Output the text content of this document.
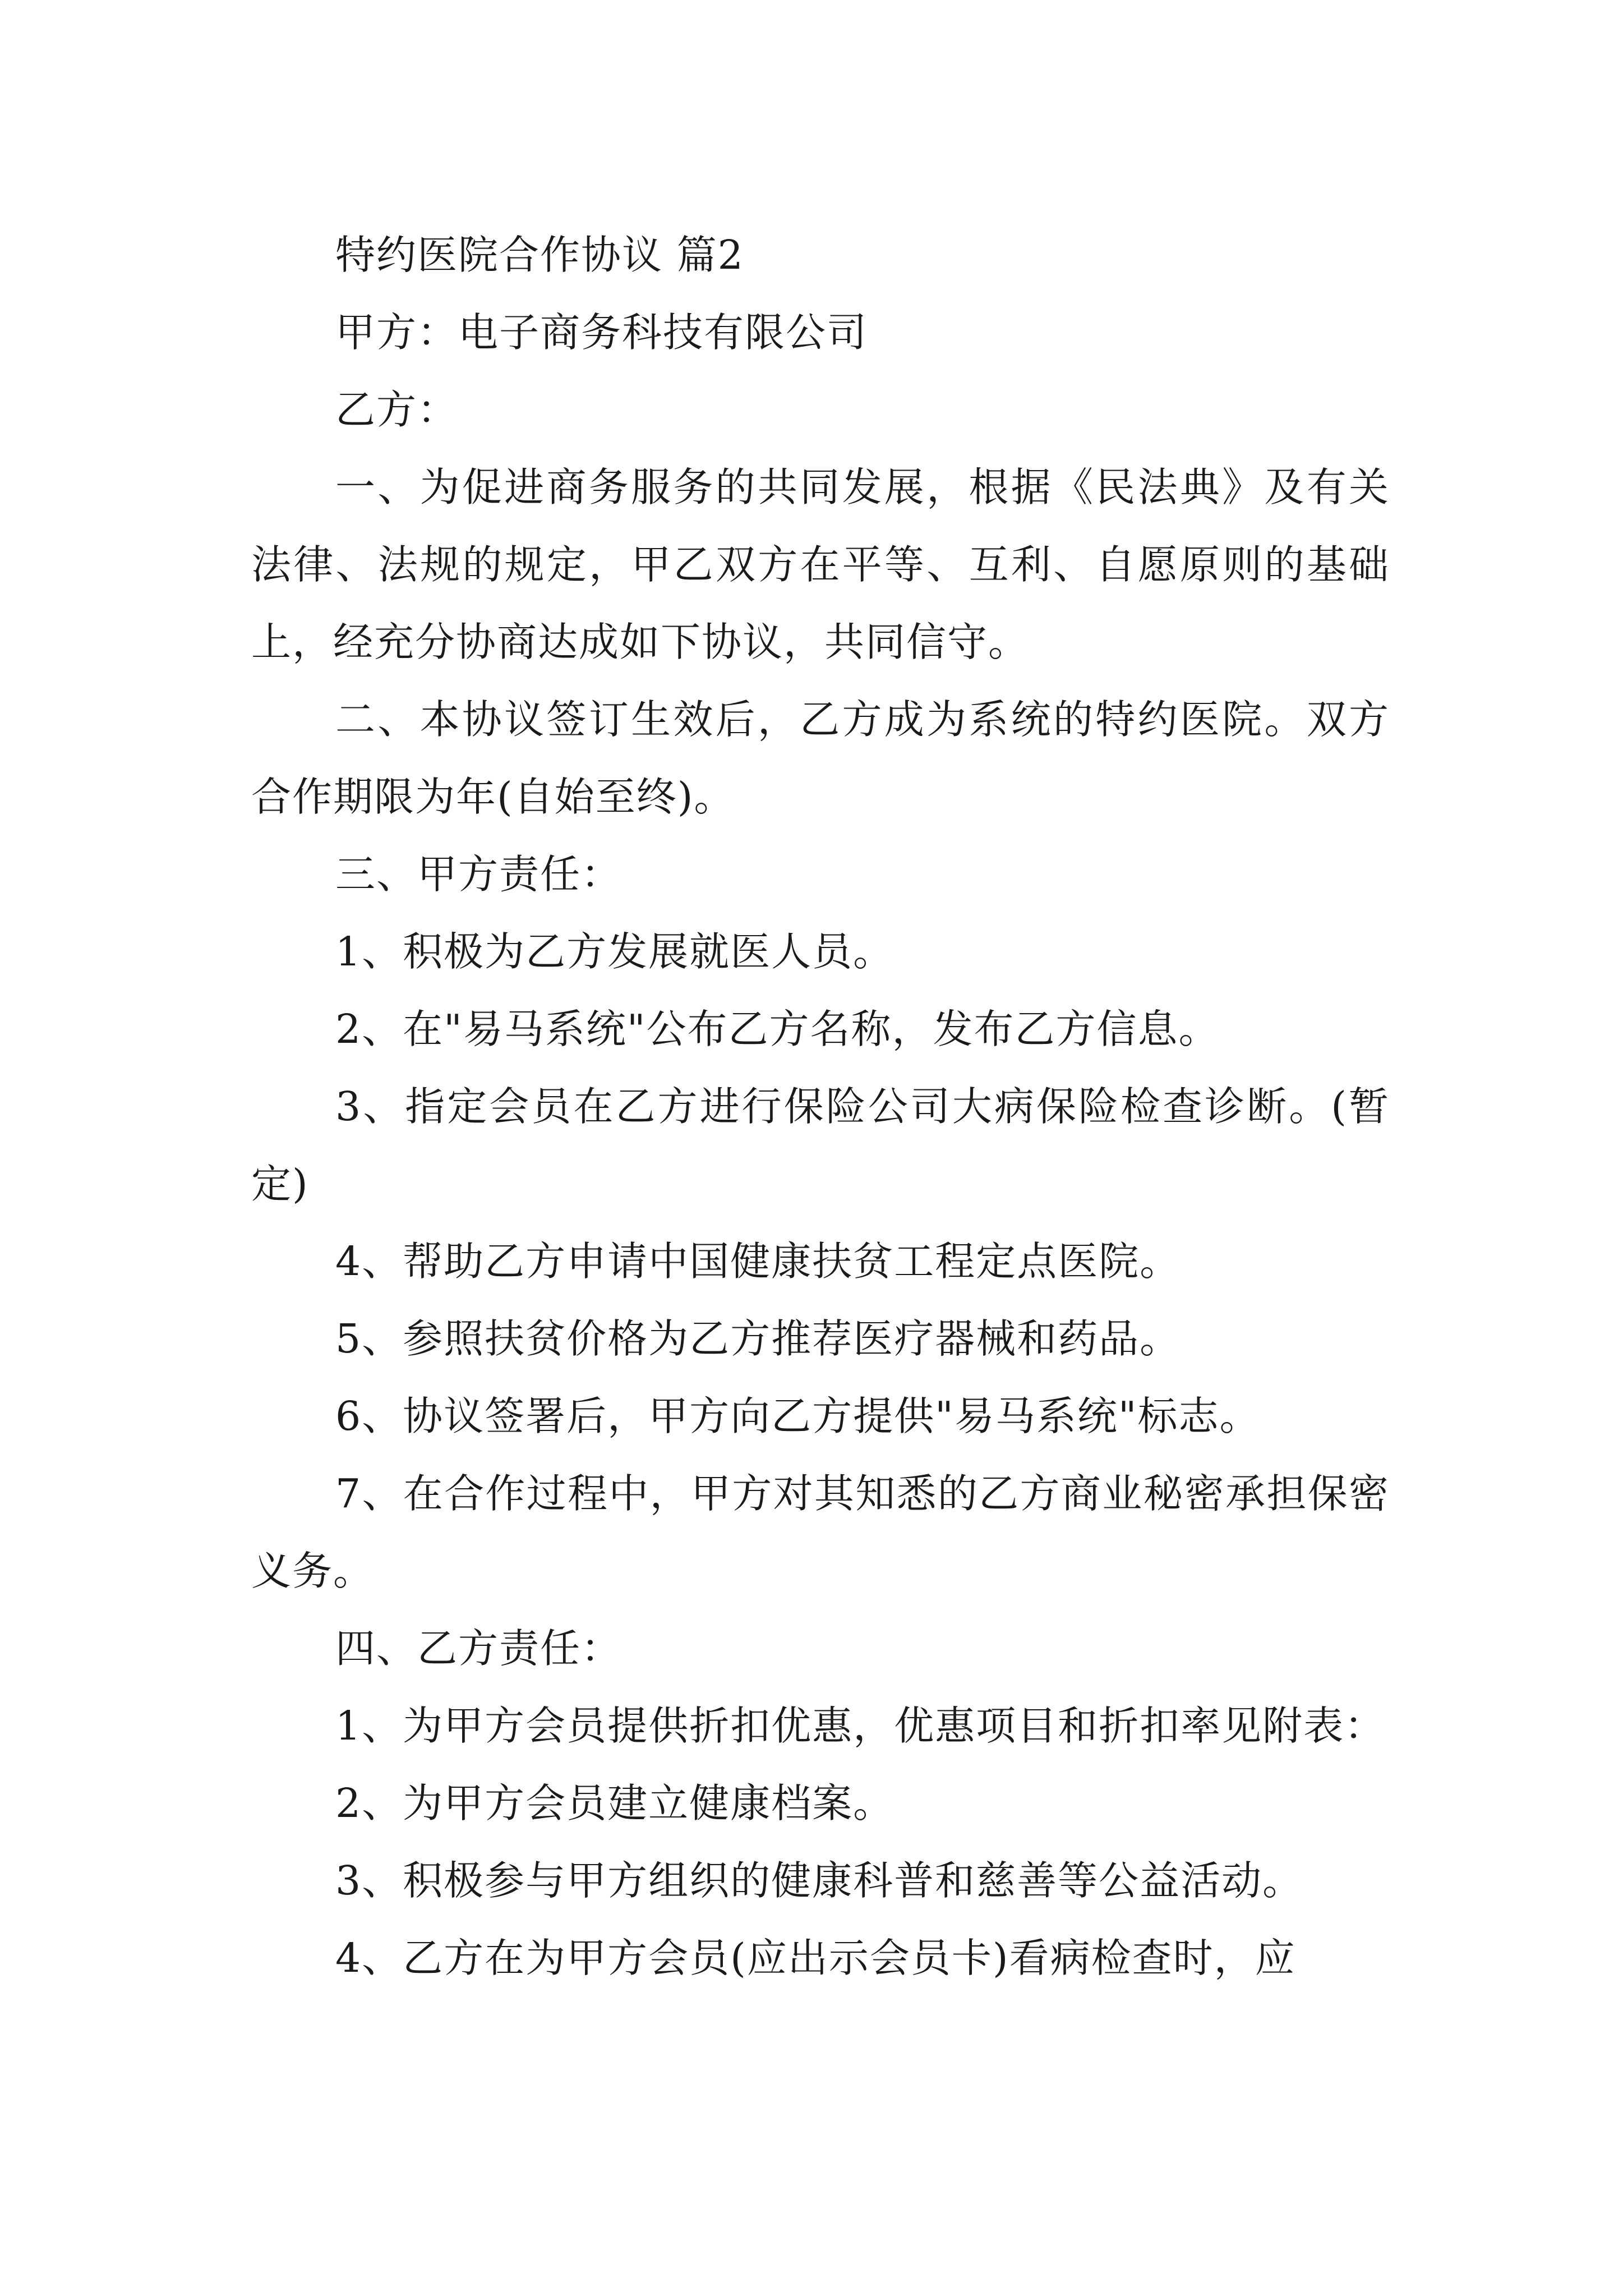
特约医院合作协议 篇2

甲方：电子商务科技有限公司

乙方：

一、为促进商务服务的共同发展，根据《民法典》及有关法律、法规的规定，甲乙双方在平等、互利、自愿原则的基础上，经充分协商达成如下协议，共同信守。

二、本协议签订生效后，乙方成为系统的特约医院。双方合作期限为年(自始至终)。

三、甲方责任：

1、积极为乙方发展就医人员。

2、在"易马系统"公布乙方名称，发布乙方信息。

3、指定会员在乙方进行保险公司大病保险检查诊断。(暂定)

4、帮助乙方申请中国健康扶贫工程定点医院。

5、参照扶贫价格为乙方推荐医疗器械和药品。

6、协议签署后，甲方向乙方提供"易马系统"标志。

7、在合作过程中，甲方对其知悉的乙方商业秘密承担保密义务。

四、乙方责任：

1、为甲方会员提供折扣优惠，优惠项目和折扣率见附表：

2、为甲方会员建立健康档案。

3、积极参与甲方组织的健康科普和慈善等公益活动。

4、乙方在为甲方会员(应出示会员卡)看病检查时，应
